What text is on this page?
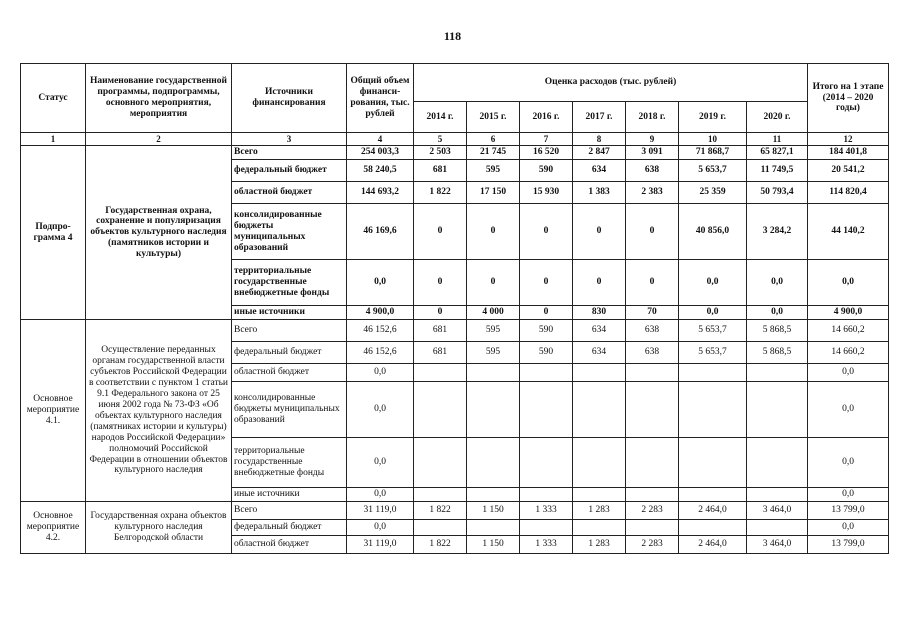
118
Статус	Наименование государственной программы, подпрограммы, основного мероприятия, мероприятия	Источники финансирования	Общий объем финанси-рования, тыс. рублей	Оценка расходов (тыс. рублей)							Итого на 1 этапе (2014 – 2020 годы)
				2014 г.	2015 г.	2016 г.	2017 г.	2018 г.	2019 г.	2020 г.	
1	2	3	4	5	6	7	8	9	10	11	12
Подпро-грамма 4	Государственная охрана, сохранение и популяризация объектов культурного наследия (памятников истории и культуры)	Всего	254 003,3	2 503	21 745	16 520	2 847	3 091	71 868,7	65 827,1	184 401,8
		федеральный бюджет	58 240,5	681	595	590	634	638	5 653,7	11 749,5	20 541,2
		областной бюджет	144 693,2	1 822	17 150	15 930	1 383	2 383	25 359	50 793,4	114 820,4
		консолидированные бюджеты муниципальных образований	46 169,6	0	0	0	0	0	40 856,0	3 284,2	44 140,2
		территориальные государственные внебюджетные фонды	0,0	0	0	0	0	0	0,0	0,0	0,0
		иные источники	4 900,0	0	4 000	0	830	70	0,0	0,0	4 900,0
Основное мероприятие 4.1.	Осуществление переданных органам государственной власти субъектов Российской Федерации в соответствии с пунктом 1 статьи 9.1 Федерального закона от 25 июня 2002 года № 73-ФЗ «Об объектах культурного наследия (памятниках истории и культуры) народов Российской Федерации» полномочий Российской Федерации в отношении объектов культурного наследия	Всего	46 152,6	681	595	590	634	638	5 653,7	5 868,5	14 660,2
		федеральный бюджет	46 152,6	681	595	590	634	638	5 653,7	5 868,5	14 660,2
		областной бюджет	0,0								0,0
		консолидированные бюджеты муниципальных образований	0,0								0,0
		территориальные государственные внебюджетные фонды	0,0								0,0
		иные источники	0,0								0,0
Основное мероприятие 4.2.	Государственная охрана объектов культурного наследия Белгородской области	Всего	31 119,0	1 822	1 150	1 333	1 283	2 283	2 464,0	3 464,0	13 799,0
		федеральный бюджет	0,0								0,0
		областной бюджет	31 119,0	1 822	1 150	1 333	1 283	2 283	2 464,0	3 464,0	13 799,0
